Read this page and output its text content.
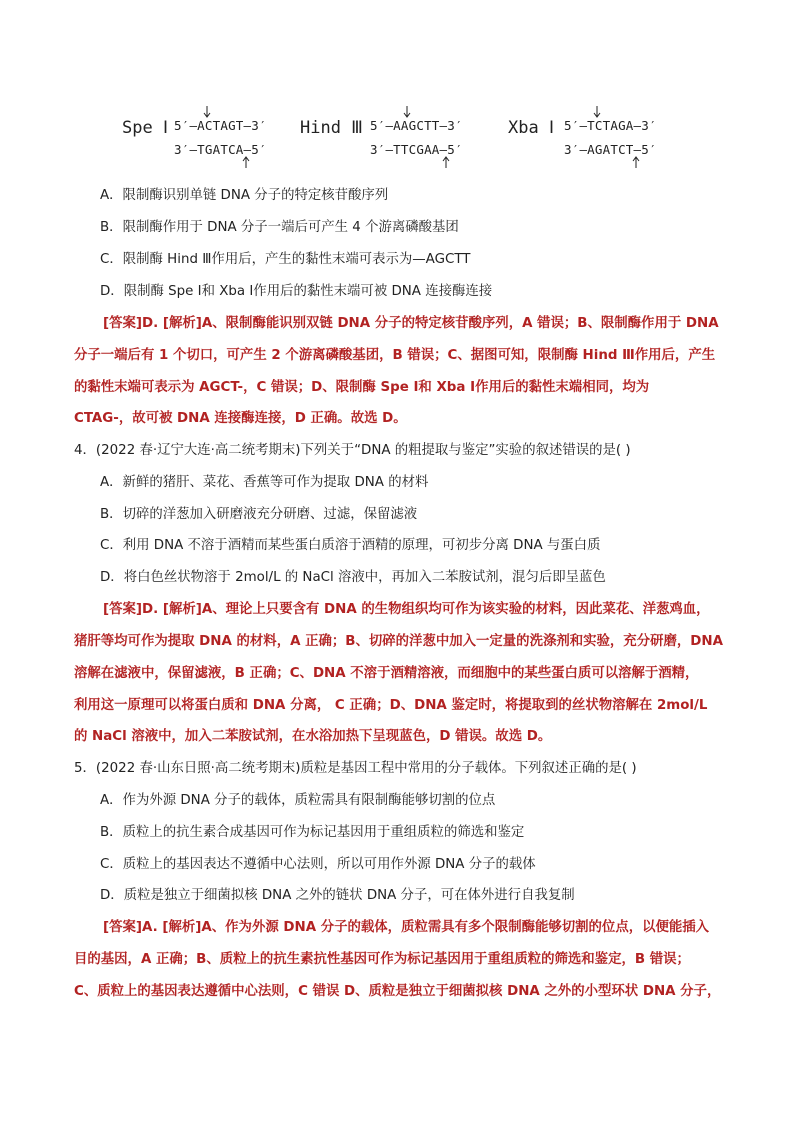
Spe Ⅰ 5′—ACTAGT—3′
3′—TGATCA—5′
Hind Ⅲ 5′—AAGCTT—3′
3′—TTCGAA—5′
Xba Ⅰ 5′—TCTAGA—3′
3′—AGATCT—5′
A．限制酶识别单链 DNA 分子的特定核苷酸序列
B．限制酶作用于 DNA 分子一端后可产生 4 个游离磷酸基团
C．限制酶 Hind Ⅲ作用后，产生的黏性末端可表示为—AGCTT
D．限制酶 Spe Ⅰ和 Xba Ⅰ作用后的黏性末端可被 DNA 连接酶连接
[答案]D. [解析]A、限制酶能识别双链 DNA 分子的特定核苷酸序列，A 错误；B、限制酶作用于 DNA
分子一端后有 1 个切口，可产生 2 个游离磷酸基团，B 错误；C、据图可知，限制酶 Hind Ⅲ作用后，产生
的黏性末端可表示为 AGCT-，C 错误；D、限制酶 Spe Ⅰ和 Xba Ⅰ作用后的黏性末端相同，均为
CTAG-，故可被 DNA 连接酶连接，D 正确。故选 D。
4．(2022 春·辽宁大连·高二统考期末)下列关于“DNA 的粗提取与鉴定”实验的叙述错误的是( )
A．新鲜的猪肝、菜花、香蕉等可作为提取 DNA 的材料
B．切碎的洋葱加入研磨液充分研磨、过滤，保留滤液
C．利用 DNA 不溶于酒精而某些蛋白质溶于酒精的原理，可初步分离 DNA 与蛋白质
D．将白色丝状物溶于 2mol/L 的 NaCl 溶液中，再加入二苯胺试剂，混匀后即呈蓝色
[答案]D. [解析]A、理论上只要含有 DNA 的生物组织均可作为该实验的材料，因此菜花、洋葱鸡血，
猪肝等均可作为提取 DNA 的材料，A 正确；B、切碎的洋葱中加入一定量的洗涤剂和实验，充分研磨，DNA
溶解在滤液中，保留滤液，B 正确；C、DNA 不溶于酒精溶液，而细胞中的某些蛋白质可以溶解于酒精，
利用这一原理可以将蛋白质和 DNA 分离， C 正确；D、DNA 鉴定时，将提取到的丝状物溶解在 2mol/L
的 NaCl 溶液中，加入二苯胺试剂，在水浴加热下呈现蓝色，D 错误。故选 D。
5．(2022 春·山东日照·高二统考期末)质粒是基因工程中常用的分子载体。下列叙述正确的是( )
A．作为外源 DNA 分子的载体，质粒需具有限制酶能够切割的位点
B．质粒上的抗生素合成基因可作为标记基因用于重组质粒的筛选和鉴定
C．质粒上的基因表达不遵循中心法则，所以可用作外源 DNA 分子的载体
D．质粒是独立于细菌拟核 DNA 之外的链状 DNA 分子，可在体外进行自我复制
[答案]A. [解析]A、作为外源 DNA 分子的载体，质粒需具有多个限制酶能够切割的位点，以便能插入
目的基因，A 正确；B、质粒上的抗生素抗性基因可作为标记基因用于重组质粒的筛选和鉴定，B 错误；
C、质粒上的基因表达遵循中心法则，C 错误 D、质粒是独立于细菌拟核 DNA 之外的小型环状 DNA 分子，
